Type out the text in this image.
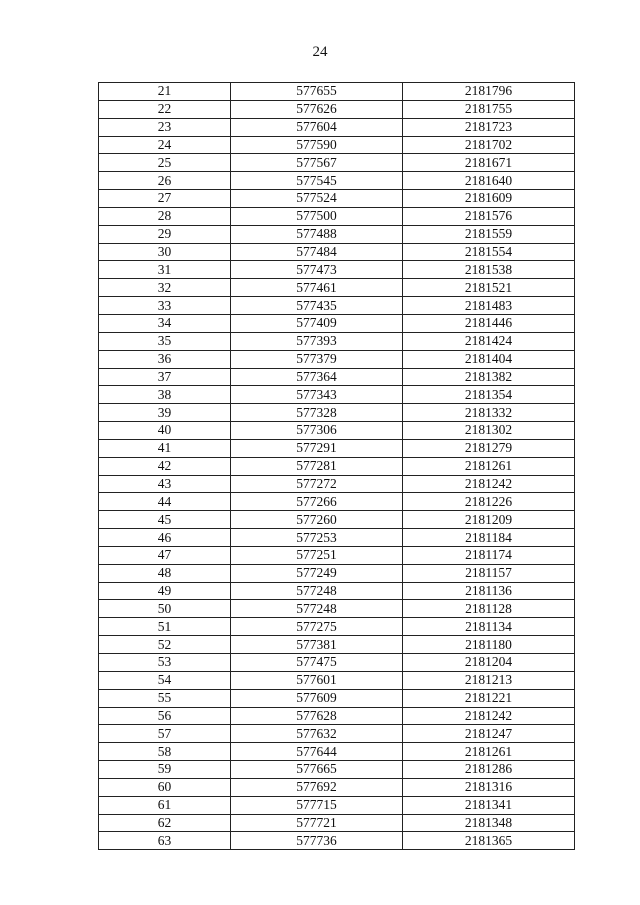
24
21	577655	2181796
22	577626	2181755
23	577604	2181723
24	577590	2181702
25	577567	2181671
26	577545	2181640
27	577524	2181609
28	577500	2181576
29	577488	2181559
30	577484	2181554
31	577473	2181538
32	577461	2181521
33	577435	2181483
34	577409	2181446
35	577393	2181424
36	577379	2181404
37	577364	2181382
38	577343	2181354
39	577328	2181332
40	577306	2181302
41	577291	2181279
42	577281	2181261
43	577272	2181242
44	577266	2181226
45	577260	2181209
46	577253	2181184
47	577251	2181174
48	577249	2181157
49	577248	2181136
50	577248	2181128
51	577275	2181134
52	577381	2181180
53	577475	2181204
54	577601	2181213
55	577609	2181221
56	577628	2181242
57	577632	2181247
58	577644	2181261
59	577665	2181286
60	577692	2181316
61	577715	2181341
62	577721	2181348
63	577736	2181365
